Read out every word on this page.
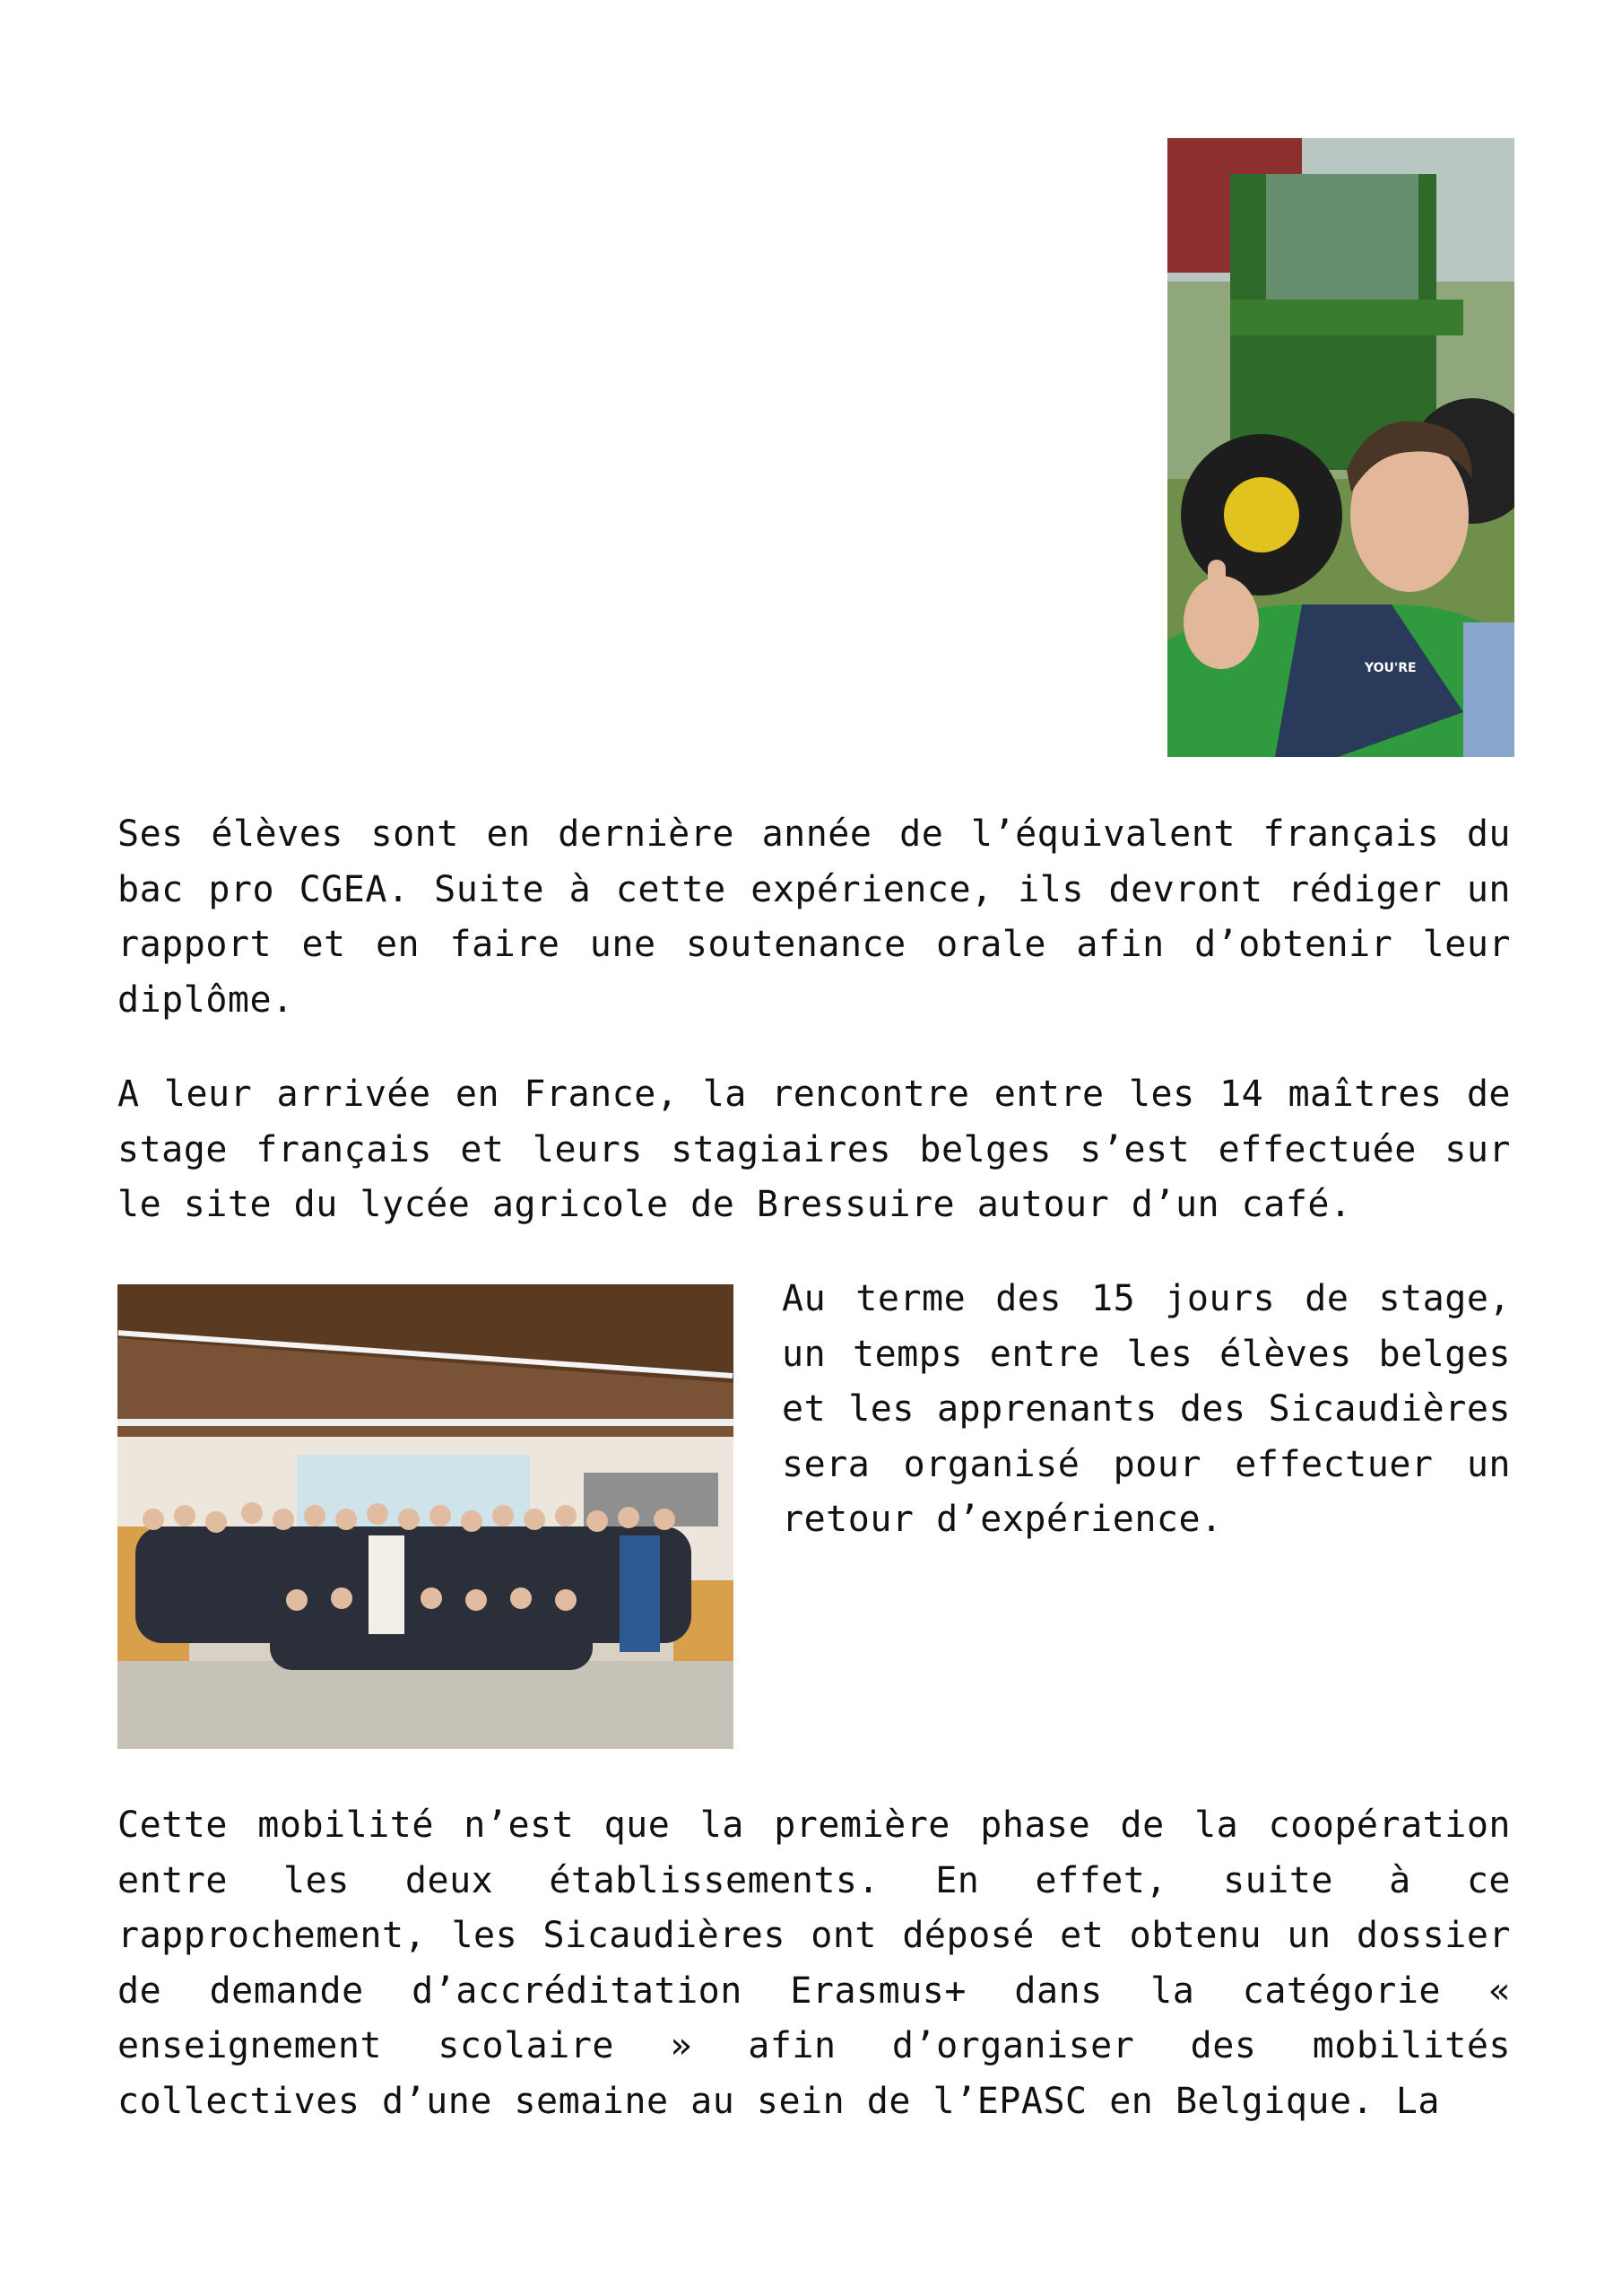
YOU'RE

Ses élèves sont en dernière année de l’équivalent français du bac pro CGEA. Suite à cette expérience, ils devront rédiger un rapport et en faire une soutenance orale afin d’obtenir leur diplôme.

A leur arrivée en France, la rencontre entre les 14 maîtres de stage français et leurs stagiaires belges s’est effectuée sur le site du lycée agricole de Bressuire autour d’un café.

Au terme des 15 jours de stage, un temps entre les élèves belges et les apprenants des Sicaudières sera organisé pour effectuer un retour d’expérience.

Cette mobilité n’est que la première phase de la coopération entre les deux établissements. En effet, suite à ce rapprochement, les Sicaudières ont déposé et obtenu un dossier de demande d’accréditation Erasmus+ dans la catégorie « enseignement scolaire » afin d’organiser des mobilités collectives d’une semaine au sein de l’EPASC en Belgique. La
